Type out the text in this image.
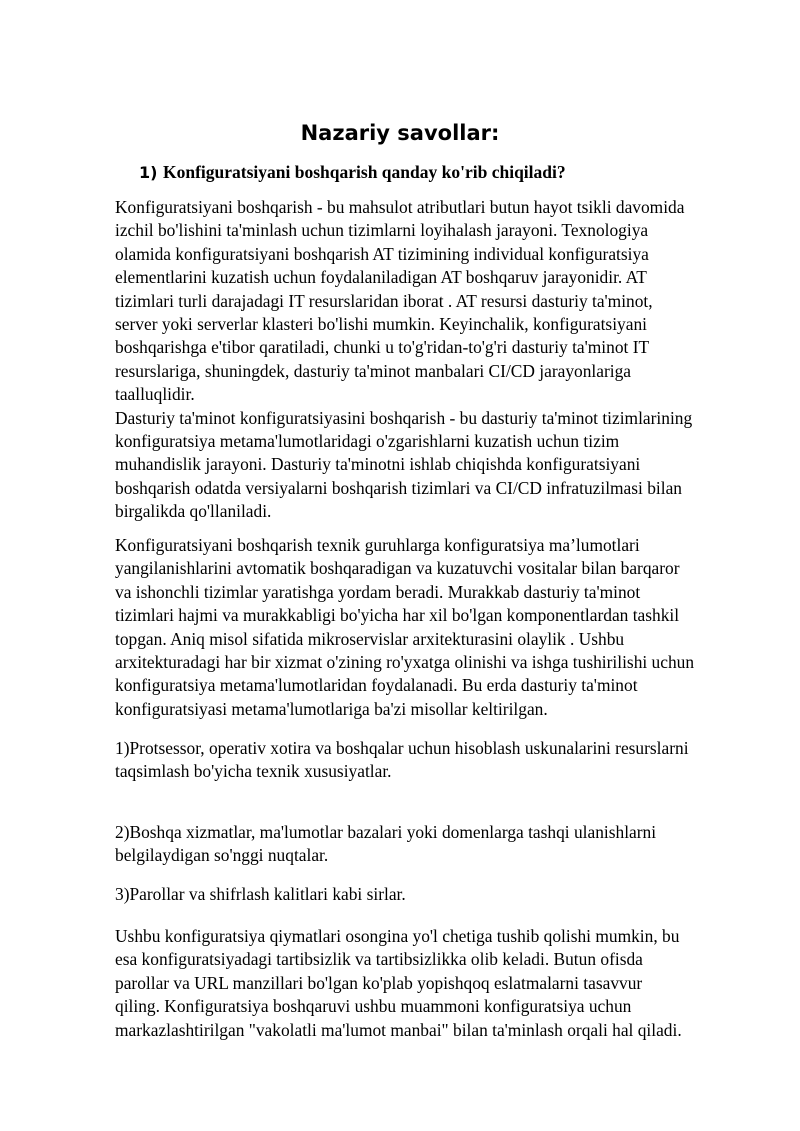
Nazariy savollar:
1) Konfiguratsiyani boshqarish qanday ko'rib chiqiladi?
Konfiguratsiyani boshqarish - bu mahsulot atributlari butun hayot tsikli davomida
izchil bo'lishini ta'minlash uchun tizimlarni loyihalash jarayoni. Texnologiya
olamida konfiguratsiyani boshqarish AT tizimining individual konfiguratsiya
elementlarini kuzatish uchun foydalaniladigan AT boshqaruv jarayonidir. AT
tizimlari turli darajadagi IT resurslaridan iborat . AT resursi dasturiy ta'minot,
server yoki serverlar klasteri bo'lishi mumkin. Keyinchalik, konfiguratsiyani
boshqarishga e'tibor qaratiladi, chunki u to'g'ridan-to'g'ri dasturiy ta'minot IT
resurslariga, shuningdek, dasturiy ta'minot manbalari CI/CD jarayonlariga
taalluqlidir.
Dasturiy ta'minot konfiguratsiyasini boshqarish - bu dasturiy ta'minot tizimlarining
konfiguratsiya metama'lumotlaridagi o'zgarishlarni kuzatish uchun tizim
muhandislik jarayoni. Dasturiy ta'minotni ishlab chiqishda konfiguratsiyani
boshqarish odatda versiyalarni boshqarish tizimlari va CI/CD infratuzilmasi bilan
birgalikda qo'llaniladi.
Konfiguratsiyani boshqarish texnik guruhlarga konfiguratsiya ma’lumotlari
yangilanishlarini avtomatik boshqaradigan va kuzatuvchi vositalar bilan barqaror
va ishonchli tizimlar yaratishga yordam beradi. Murakkab dasturiy ta'minot
tizimlari hajmi va murakkabligi bo'yicha har xil bo'lgan komponentlardan tashkil
topgan. Aniq misol sifatida mikroservislar arxitekturasini olaylik . Ushbu
arxitekturadagi har bir xizmat o'zining ro'yxatga olinishi va ishga tushirilishi uchun
konfiguratsiya metama'lumotlaridan foydalanadi. Bu erda dasturiy ta'minot
konfiguratsiyasi metama'lumotlariga ba'zi misollar keltirilgan.
1)Protsessor, operativ xotira va boshqalar uchun hisoblash uskunalarini resurslarni
taqsimlash bo'yicha texnik xususiyatlar.
2)Boshqa xizmatlar, ma'lumotlar bazalari yoki domenlarga tashqi ulanishlarni
belgilaydigan so'nggi nuqtalar.
3)Parollar va shifrlash kalitlari kabi sirlar.
Ushbu konfiguratsiya qiymatlari osongina yo'l chetiga tushib qolishi mumkin, bu
esa konfiguratsiyadagi tartibsizlik va tartibsizlikka olib keladi. Butun ofisda
parollar va URL manzillari bo'lgan ko'plab yopishqoq eslatmalarni tasavvur
qiling. Konfiguratsiya boshqaruvi ushbu muammoni konfiguratsiya uchun
markazlashtirilgan "vakolatli ma'lumot manbai" bilan ta'minlash orqali hal qiladi.
